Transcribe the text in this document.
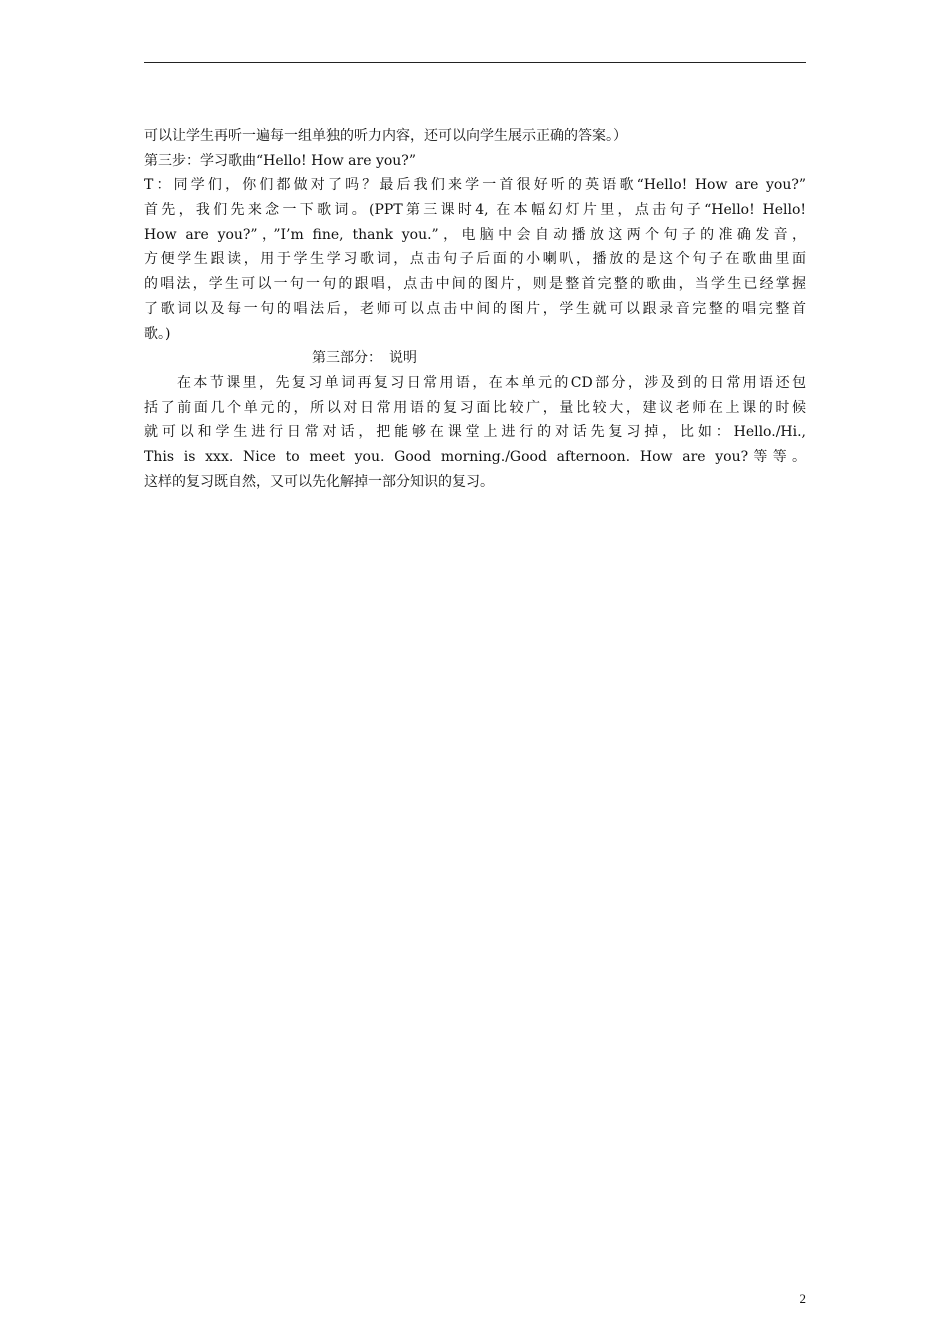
可以让学生再听一遍每一组单独的听力内容，还可以向学生展示正确的答案。）
第三步：学习歌曲“Hello! How are you?”
T：同学们，你们都做对了吗？最后我们来学一首很好听的英语歌“Hello! How are you?”
首先，我们先来念一下歌词。(PPT第三课时4, 在本幅幻灯片里，点击句子“Hello! Hello!
How are you?”，”I’m fine, thank you.”，电脑中会自动播放这两个句子的准确发音，
方便学生跟读，用于学生学习歌词，点击句子后面的小喇叭，播放的是这个句子在歌曲里面
的唱法，学生可以一句一句的跟唱，点击中间的图片，则是整首完整的歌曲，当学生已经掌握
了歌词以及每一句的唱法后，老师可以点击中间的图片，学生就可以跟录音完整的唱完整首
歌。)
第三部分：　说明
在本节课里，先复习单词再复习日常用语，在本单元的CD部分，涉及到的日常用语还包
括了前面几个单元的，所以对日常用语的复习面比较广，量比较大，建议老师在上课的时候
就可以和学生进行日常对话，把能够在课堂上进行的对话先复习掉，比如：Hello./Hi.,
This is xxx. Nice to meet you. Good morning./Good afternoon. How are you?等等。
这样的复习既自然，又可以先化解掉一部分知识的复习。
2
